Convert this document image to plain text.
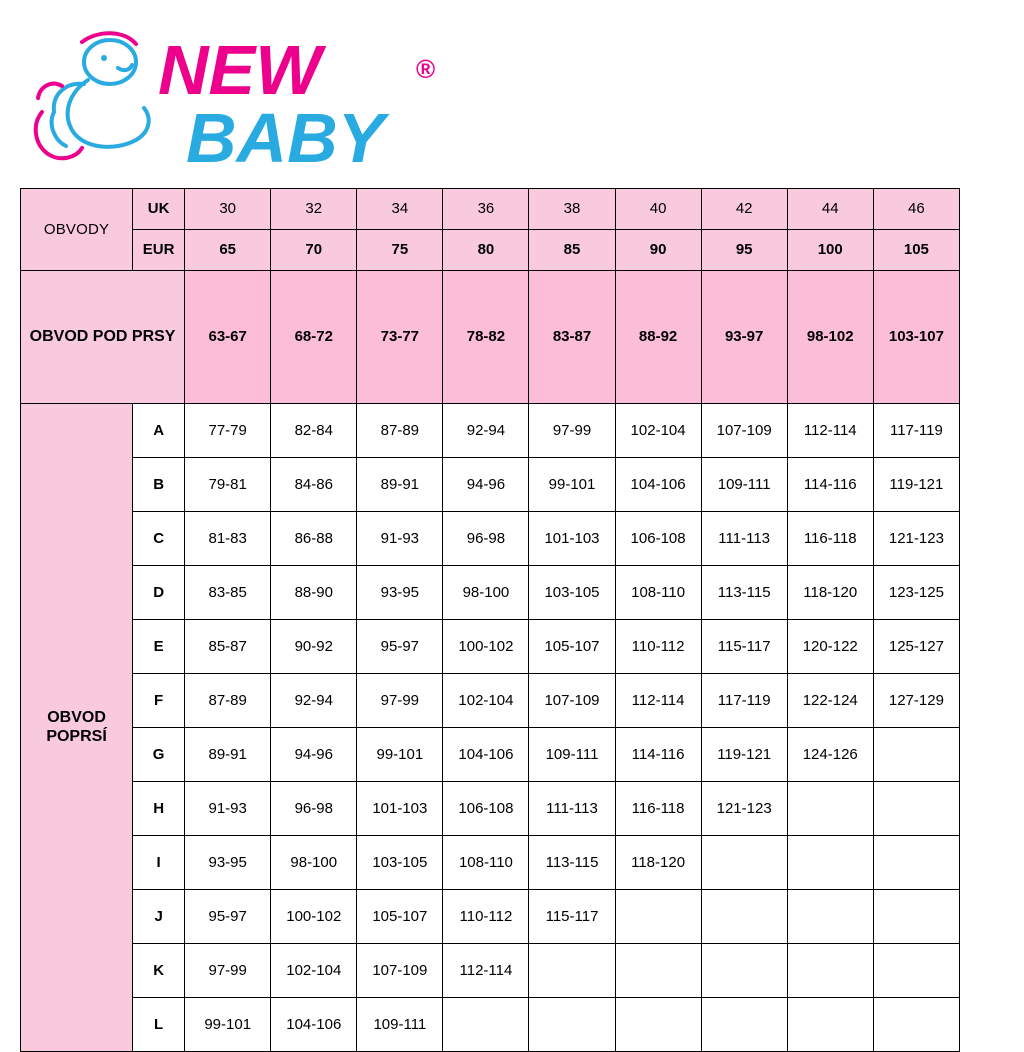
NEW	®
BABY
OBVODY	UK	30	32	34	36	38	40	42	44	46
	EUR	65	70	75	80	85	90	95	100	105
OBVOD POD PRSY		63-67	68-72	73-77	78-82	83-87	88-92	93-97	98-102	103-107
OBVOD POPRSÍ	A	77-79	82-84	87-89	92-94	97-99	102-104	107-109	112-114	117-119
	B	79-81	84-86	89-91	94-96	99-101	104-106	109-111	114-116	119-121
	C	81-83	86-88	91-93	96-98	101-103	106-108	111-113	116-118	121-123
	D	83-85	88-90	93-95	98-100	103-105	108-110	113-115	118-120	123-125
	E	85-87	90-92	95-97	100-102	105-107	110-112	115-117	120-122	125-127
	F	87-89	92-94	97-99	102-104	107-109	112-114	117-119	122-124	127-129
	G	89-91	94-96	99-101	104-106	109-111	114-116	119-121	124-126	
	H	91-93	96-98	101-103	106-108	111-113	116-118	121-123		
	I	93-95	98-100	103-105	108-110	113-115	118-120			
	J	95-97	100-102	105-107	110-112	115-117				
	K	97-99	102-104	107-109	112-114					
	L	99-101	104-106	109-111						
